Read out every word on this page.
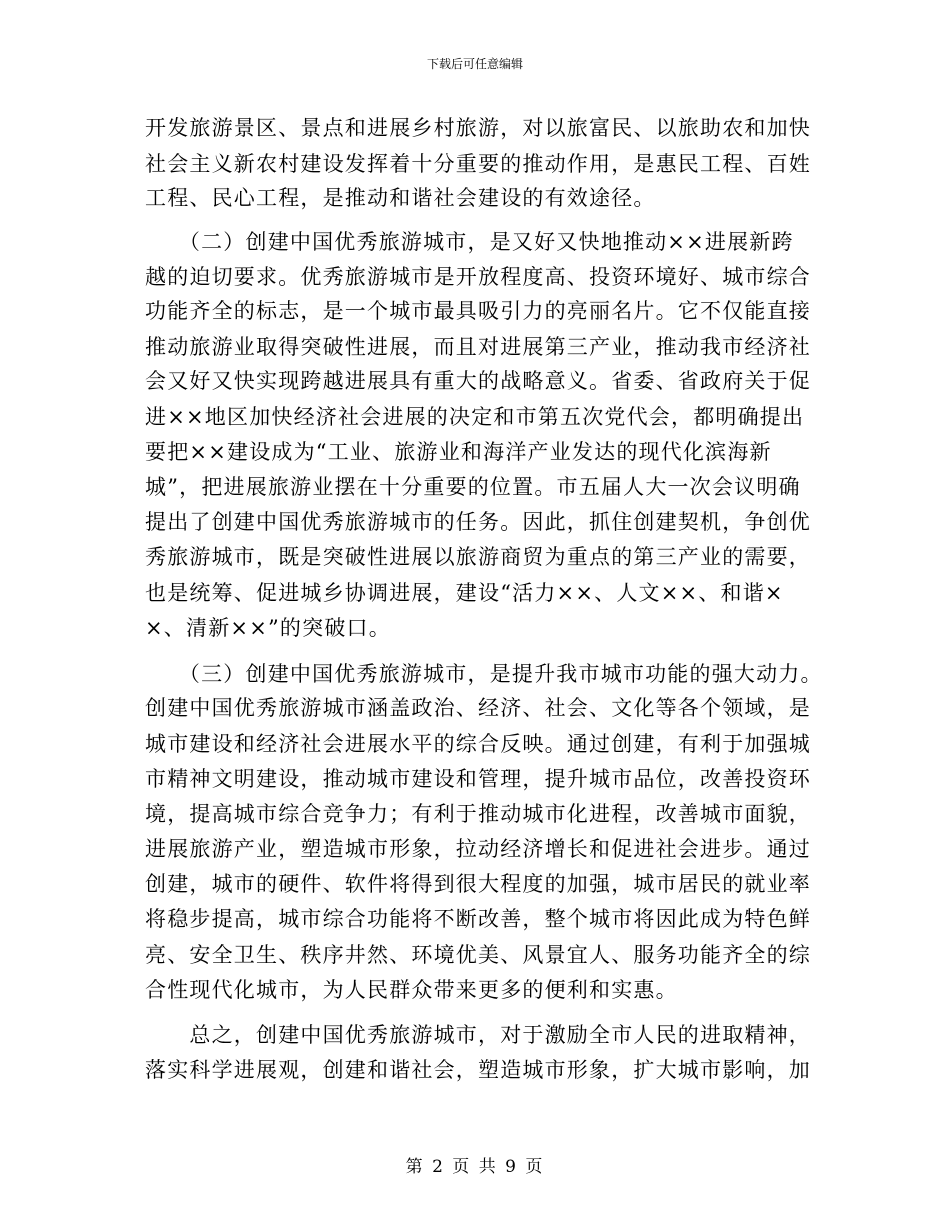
下载后可任意编辑
开发旅游景区、景点和进展乡村旅游，对以旅富民、以旅助农和加快
社会主义新农村建设发挥着十分重要的推动作用，是惠民工程、百姓
工程、民心工程，是推动和谐社会建设的有效途径。
　　（二）创建中国优秀旅游城市，是又好又快地推动××进展新跨
越的迫切要求。优秀旅游城市是开放程度高、投资环境好、城市综合
功能齐全的标志，是一个城市最具吸引力的亮丽名片。它不仅能直接
推动旅游业取得突破性进展，而且对进展第三产业，推动我市经济社
会又好又快实现跨越进展具有重大的战略意义。省委、省政府关于促
进××地区加快经济社会进展的决定和市第五次党代会，都明确提出
要把××建设成为“工业、旅游业和海洋产业发达的现代化滨海新
城”，把进展旅游业摆在十分重要的位置。市五届人大一次会议明确
提出了创建中国优秀旅游城市的任务。因此，抓住创建契机，争创优
秀旅游城市，既是突破性进展以旅游商贸为重点的第三产业的需要，
也是统筹、促进城乡协调进展，建设“活力××、人文××、和谐×
×、清新××”的突破口。
　　（三）创建中国优秀旅游城市，是提升我市城市功能的强大动力。
创建中国优秀旅游城市涵盖政治、经济、社会、文化等各个领域，是
城市建设和经济社会进展水平的综合反映。通过创建，有利于加强城
市精神文明建设，推动城市建设和管理，提升城市品位，改善投资环
境，提高城市综合竞争力；有利于推动城市化进程，改善城市面貌，
进展旅游产业，塑造城市形象，拉动经济增长和促进社会进步。通过
创建，城市的硬件、软件将得到很大程度的加强，城市居民的就业率
将稳步提高，城市综合功能将不断改善，整个城市将因此成为特色鲜
亮、安全卫生、秩序井然、环境优美、风景宜人、服务功能齐全的综
合性现代化城市，为人民群众带来更多的便利和实惠。
　　总之，创建中国优秀旅游城市，对于激励全市人民的进取精神，
落实科学进展观，创建和谐社会，塑造城市形象，扩大城市影响，加
第 2 页 共 9 页
